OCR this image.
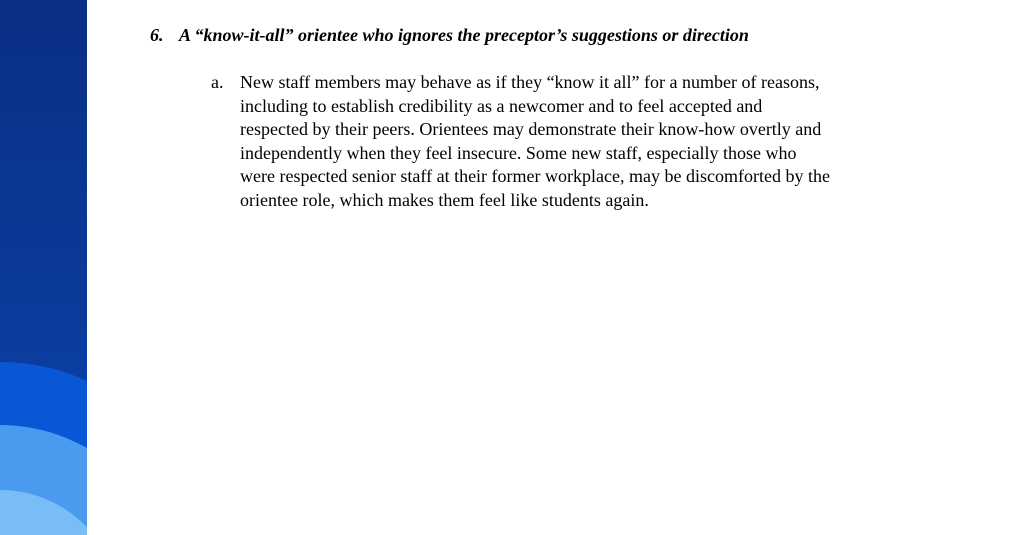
6. A “know-it-all” orientee who ignores the preceptor’s suggestions or direction
a. New staff members may behave as if they “know it all” for a number of reasons,
including to establish credibility as a newcomer and to feel accepted and
respected by their peers. Orientees may demonstrate their know-how overtly and
independently when they feel insecure. Some new staff, especially those who
were respected senior staff at their former workplace, may be discomforted by the
orientee role, which makes them feel like students again.
